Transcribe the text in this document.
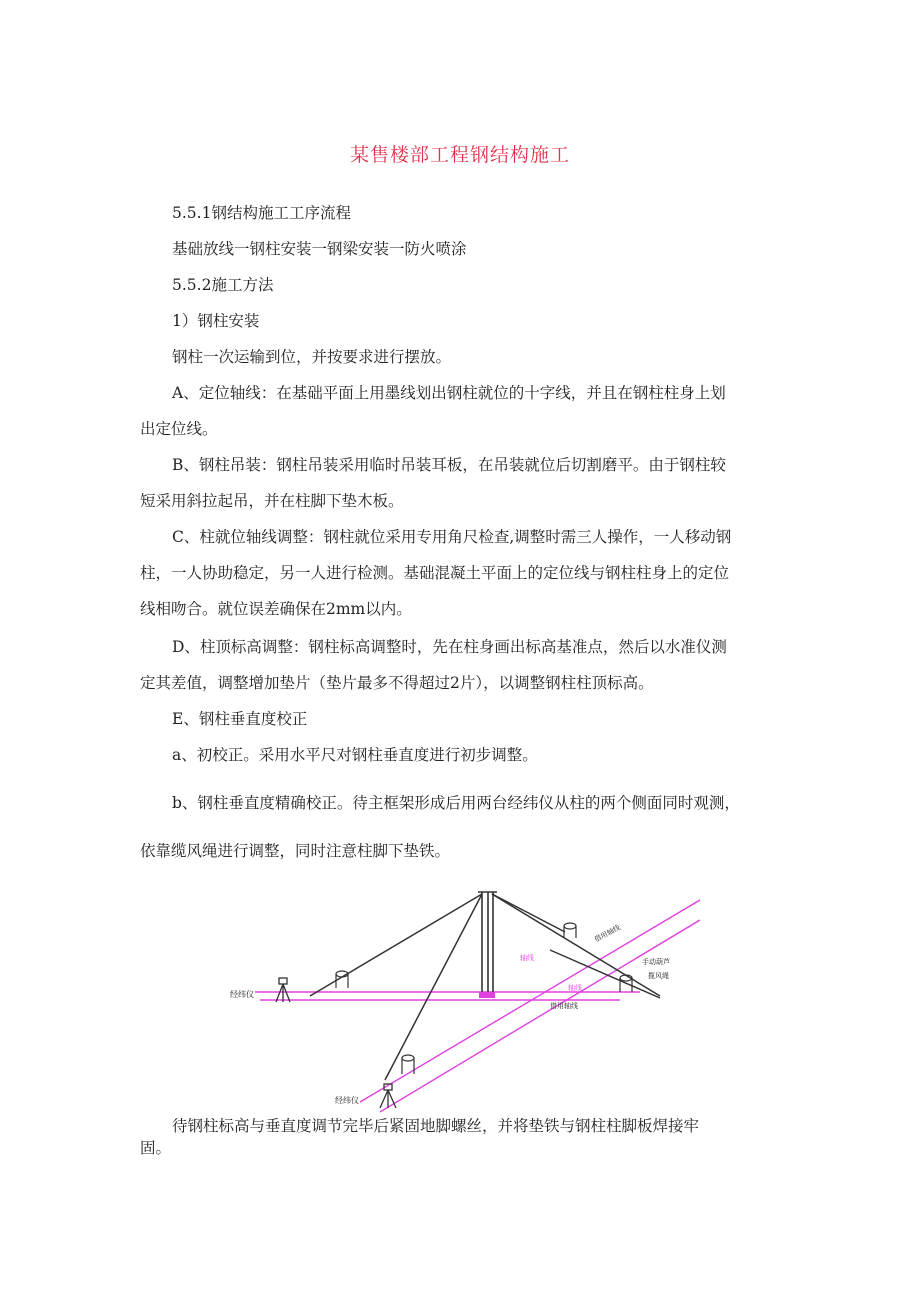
某售楼部工程钢结构施工
5.5.1钢结构施工工序流程
基础放线一钢柱安装一钢梁安装一防火喷涂
5.5.2施工方法
1）钢柱安装
钢柱一次运输到位，并按要求进行摆放。
A、定位轴线：在基础平面上用墨线划出钢柱就位的十字线，并且在钢柱柱身上划
出定位线。
B、钢柱吊装：钢柱吊装采用临时吊装耳板，在吊装就位后切割磨平。由于钢柱较
短采用斜拉起吊，并在柱脚下垫木板。
C、柱就位轴线调整：钢柱就位采用专用角尺检查,调整时需三人操作，一人移动钢
柱，一人协助稳定，另一人进行检测。基础混凝土平面上的定位线与钢柱柱身上的定位
线相吻合。就位误差确保在2mm以内。
D、柱顶标高调整：钢柱标高调整时，先在柱身画出标高基准点，然后以水准仪测
定其差值，调整增加垫片（垫片最多不得超过2片），以调整钢柱柱顶标高。
E、钢柱垂直度校正
a、初校正。采用水平尺对钢柱垂直度进行初步调整。
b、钢柱垂直度精确校正。待主框架形成后用两台经纬仪从柱的两个侧面同时观测，
依靠缆风绳进行调整，同时注意柱脚下垫铁。
经纬仪
经纬仪
轴线
轴线
借用轴线
借用轴线
手动葫芦
揽风绳
待钢柱标高与垂直度调节完毕后紧固地脚螺丝，并将垫铁与钢柱柱脚板焊接牢
固。
